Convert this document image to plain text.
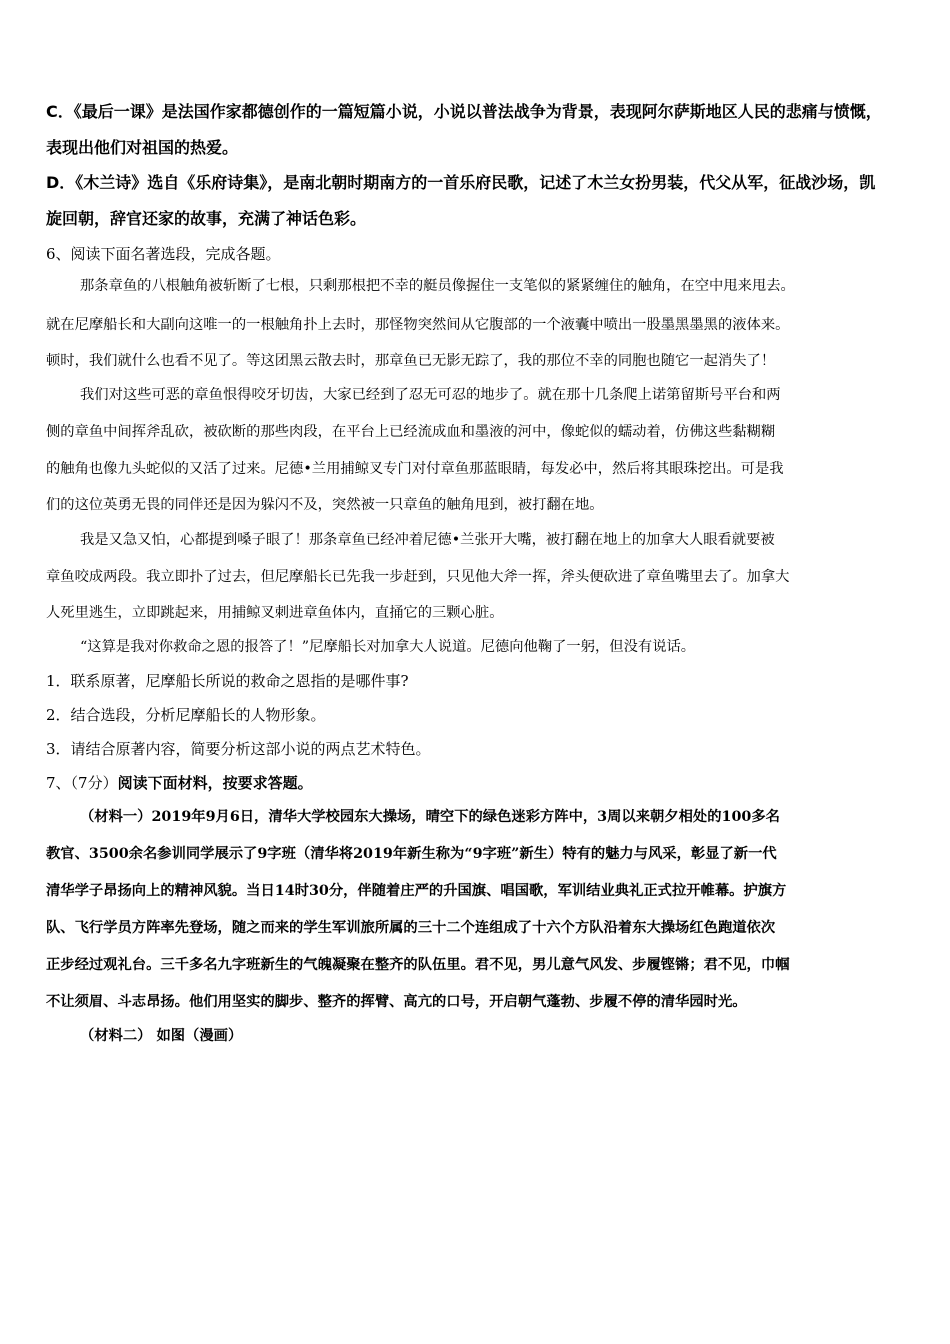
C．《最后一课》是法国作家都德创作的一篇短篇小说，小说以普法战争为背景，表现阿尔萨斯地区人民的悲痛与愤慨，
表现出他们对祖国的热爱。
D．《木兰诗》选自《乐府诗集》，是南北朝时期南方的一首乐府民歌，记述了木兰女扮男装，代父从军，征战沙场，凯
旋回朝，辞官还家的故事，充满了神话色彩。
6、阅读下面名著选段，完成各题。
那条章鱼的八根触角被斩断了七根，只剩那根把不幸的艇员像握住一支笔似的紧紧缠住的触角，在空中甩来甩去。
就在尼摩船长和大副向这唯一的一根触角扑上去时，那怪物突然间从它腹部的一个液囊中喷出一股墨黑墨黑的液体来。
顿时，我们就什么也看不见了。等这团黑云散去时，那章鱼已无影无踪了，我的那位不幸的同胞也随它一起消失了！
我们对这些可恶的章鱼恨得咬牙切齿，大家已经到了忍无可忍的地步了。就在那十几条爬上诺第留斯号平台和两
侧的章鱼中间挥斧乱砍，被砍断的那些肉段，在平台上已经流成血和墨液的河中，像蛇似的蠕动着，仿佛这些黏糊糊
的触角也像九头蛇似的又活了过来。尼德•兰用捕鲸叉专门对付章鱼那蓝眼睛，每发必中，然后将其眼珠挖出。可是我
们的这位英勇无畏的同伴还是因为躲闪不及，突然被一只章鱼的触角甩到，被打翻在地。
我是又急又怕，心都提到嗓子眼了！那条章鱼已经冲着尼德•兰张开大嘴，被打翻在地上的加拿大人眼看就要被
章鱼咬成两段。我立即扑了过去，但尼摩船长已先我一步赶到，只见他大斧一挥，斧头便砍进了章鱼嘴里去了。加拿大
人死里逃生，立即跳起来，用捕鲸叉刺进章鱼体内，直捅它的三颗心脏。
“这算是我对你救命之恩的报答了！”尼摩船长对加拿大人说道。尼德向他鞠了一躬，但没有说话。
1．联系原著，尼摩船长所说的救命之恩指的是哪件事?
2．结合选段，分析尼摩船长的人物形象。
3．请结合原著内容，简要分析这部小说的两点艺术特色。
7、（7分）阅读下面材料，按要求答题。
（材料一）2019年9月6日，清华大学校园东大操场，晴空下的绿色迷彩方阵中，3周以来朝夕相处的100多名
教官、3500余名参训同学展示了9字班（清华将2019年新生称为“9字班”新生）特有的魅力与风采，彰显了新一代
清华学子昂扬向上的精神风貌。当日14时30分，伴随着庄严的升国旗、唱国歌，军训结业典礼正式拉开帷幕。护旗方
队、飞行学员方阵率先登场，随之而来的学生军训旅所属的三十二个连组成了十六个方队沿着东大操场红色跑道依次
正步经过观礼台。三千多名九字班新生的气魄凝聚在整齐的队伍里。君不见，男儿意气风发、步履铿锵；君不见，巾帼
不让须眉、斗志昂扬。他们用坚实的脚步、整齐的挥臂、高亢的口号，开启朝气蓬勃、步履不停的清华园时光。
（材料二） 如图（漫画）
